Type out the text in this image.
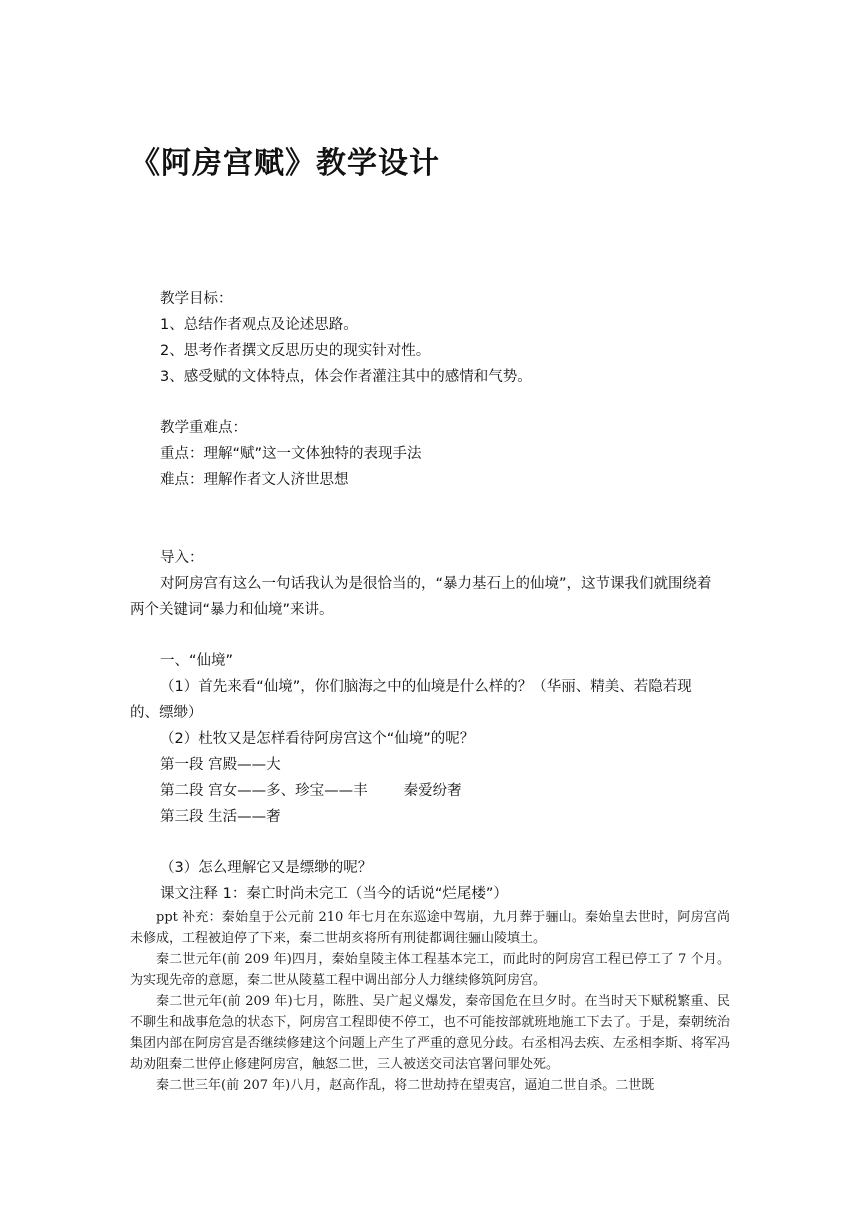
《阿房宫赋》教学设计
教学目标：
1、总结作者观点及论述思路。
2、思考作者撰文反思历史的现实针对性。
3、感受赋的文体特点，体会作者灌注其中的感情和气势。
教学重难点：
重点：理解“赋”这一文体独特的表现手法
难点：理解作者文人济世思想
导入：
对阿房宫有这么一句话我认为是很恰当的，“暴力基石上的仙境”，这节课我们就围绕着
两个关键词“暴力和仙境”来讲。
一、“仙境”
（1）首先来看“仙境”，你们脑海之中的仙境是什么样的？（华丽、精美、若隐若现
的、缥缈）
（2）杜牧又是怎样看待阿房宫这个“仙境”的呢？
第一段 宫殿——大
第二段 宫女——多、珍宝——丰 秦爱纷奢
第三段 生活——奢
（3）怎么理解它又是缥缈的呢？
课文注释 1：秦亡时尚未完工（当今的话说“烂尾楼”）

ppt 补充：秦始皇于公元前 210 年七月在东巡途中驾崩，九月葬于骊山。秦始皇去世时，阿房宫尚未修成，工程被迫停了下来，秦二世胡亥将所有刑徒都调往骊山陵填土。

秦二世元年(前 209 年)四月，秦始皇陵主体工程基本完工，而此时的阿房宫工程已停工了 7 个月。为实现先帝的意愿，秦二世从陵墓工程中调出部分人力继续修筑阿房宫。

秦二世元年(前 209 年)七月，陈胜、吴广起义爆发，秦帝国危在旦夕时。在当时天下赋税繁重、民不聊生和战事危急的状态下，阿房宫工程即使不停工，也不可能按部就班地施工下去了。于是，秦朝统治集团内部在阿房宫是否继续修建这个问题上产生了严重的意见分歧。右丞相冯去疾、左丞相李斯、将军冯劫劝阻秦二世停止修建阿房宫，触怒二世，三人被送交司法官署问罪处死。

秦二世三年(前 207 年)八月，赵高作乱，将二世劫持在望夷宫，逼迫二世自杀。二世既
